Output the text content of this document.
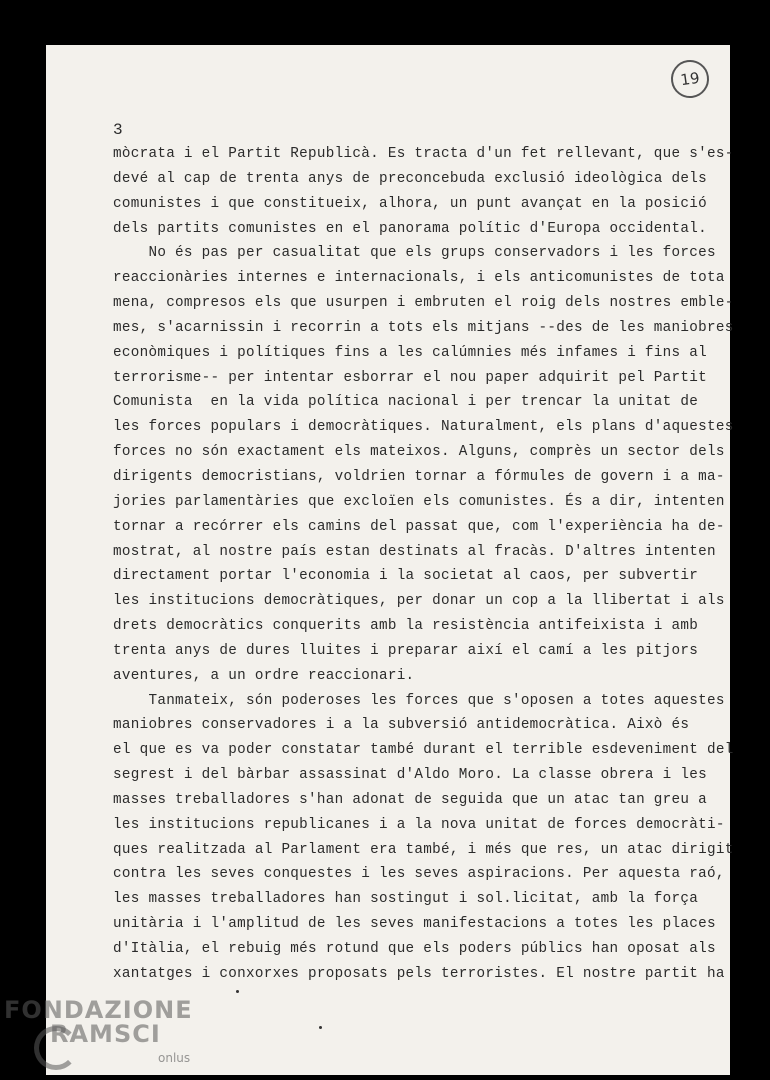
19

3

mòcrata i el Partit Republicà. Es tracta d'un fet rellevant, que s'es-

devé al cap de trenta anys de preconcebuda exclusió ideològica dels

comunistes i que constitueix, alhora, un punt avançat en la posició

dels partits comunistes en el panorama polític d'Europa occidental.

No és pas per casualitat que els grups conservadors i les forces

reaccionàries internes e internacionals, i els anticomunistes de tota

mena, compresos els que usurpen i embruten el roig dels nostres emble-

mes, s'acarnissin i recorrin a tots els mitjans --des de les maniobres

econòmiques i polítiques fins a les calúmnies més infames i fins al

terrorisme-- per intentar esborrar el nou paper adquirit pel Partit

Comunista  en la vida política nacional i per trencar la unitat de

les forces populars i democràtiques. Naturalment, els plans d'aquestes

forces no són exactament els mateixos. Alguns, comprès un sector dels

dirigents democristians, voldrien tornar a fórmules de govern i a ma-

jories parlamentàries que excloïen els comunistes. És a dir, intenten

tornar a recórrer els camins del passat que, com l'experiència ha de-

mostrat, al nostre país estan destinats al fracàs. D'altres intenten

directament portar l'economia i la societat al caos, per subvertir

les institucions democràtiques, per donar un cop a la llibertat i als

drets democràtics conquerits amb la resistència antifeixista i amb

trenta anys de dures lluites i preparar així el camí a les pitjors

aventures, a un ordre reaccionari.

Tanmateix, són poderoses les forces que s'oposen a totes aquestes

maniobres conservadores i a la subversió antidemocràtica. Això és

el que es va poder constatar també durant el terrible esdeveniment del

segrest i del bàrbar assassinat d'Aldo Moro. La classe obrera i les

masses treballadores s'han adonat de seguida que un atac tan greu a

les institucions republicanes i a la nova unitat de forces democràti-

ques realitzada al Parlament era també, i més que res, un atac dirigit

contra les seves conquestes i les seves aspiracions. Per aquesta raó,

les masses treballadores han sostingut i sol.licitat, amb la força

unitària i l'amplitud de les seves manifestacions a totes les places

d'Itàlia, el rebuig més rotund que els poders públics han oposat als

xantatges i conxorxes proposats pels terroristes. El nostre partit ha

FONDAZIONE
RAMSCI
onlus
